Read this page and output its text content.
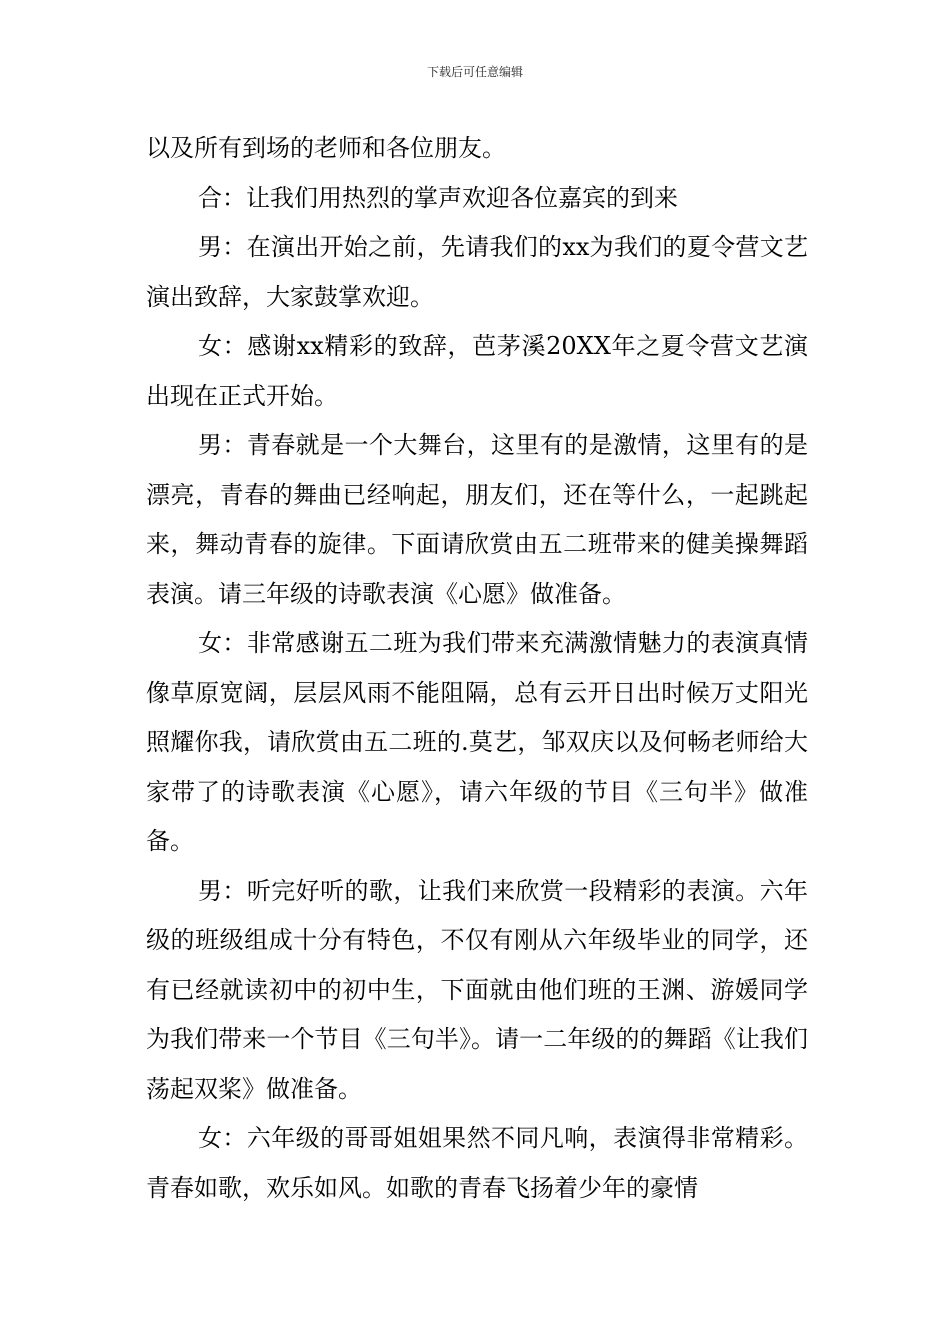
下载后可任意编辑

以及所有到场的老师和各位朋友。

合：让我们用热烈的掌声欢迎各位嘉宾的到来

男：在演出开始之前，先请我们的xx为我们的夏令营文艺演出致辞，大家鼓掌欢迎。

女：感谢xx精彩的致辞，芭茅溪20XX年之夏令营文艺演出现在正式开始。

男：青春就是一个大舞台，这里有的是激情，这里有的是漂亮，青春的舞曲已经响起，朋友们，还在等什么，一起跳起来，舞动青春的旋律。下面请欣赏由五二班带来的健美操舞蹈表演。请三年级的诗歌表演《心愿》做准备。

女：非常感谢五二班为我们带来充满激情魅力的表演真情像草原宽阔，层层风雨不能阻隔，总有云开日出时候万丈阳光照耀你我，请欣赏由五二班的.莫艺，邹双庆以及何畅老师给大家带了的诗歌表演《心愿》，请六年级的节目《三句半》做准备。

男：听完好听的歌，让我们来欣赏一段精彩的表演。六年级的班级组成十分有特色，不仅有刚从六年级毕业的同学，还有已经就读初中的初中生，下面就由他们班的王渊、游媛同学为我们带来一个节目《三句半》。请一二年级的的舞蹈《让我们荡起双桨》做准备。

女：六年级的哥哥姐姐果然不同凡响，表演得非常精彩。青春如歌，欢乐如风。如歌的青春飞扬着少年的豪情
